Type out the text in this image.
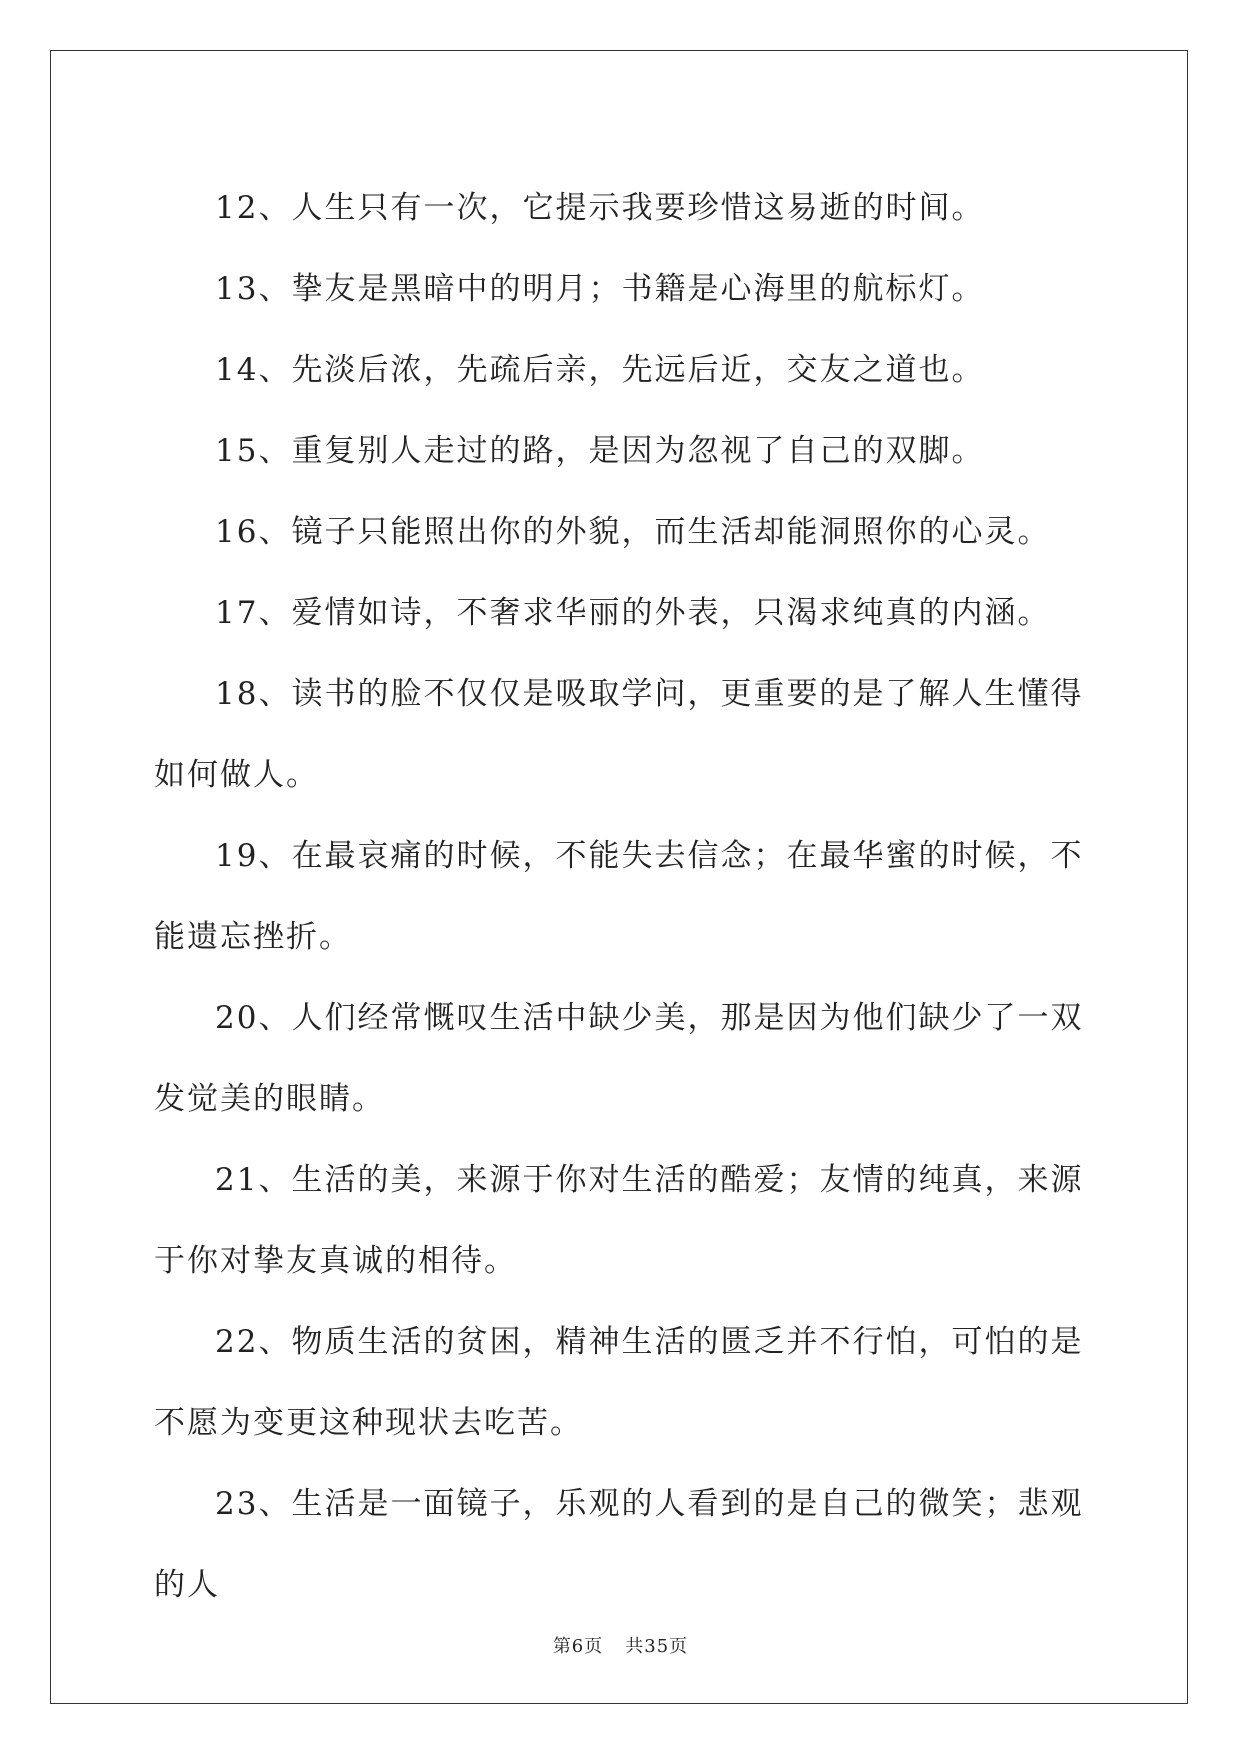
12、人生只有一次，它提示我要珍惜这易逝的时间。

13、挚友是黑暗中的明月；书籍是心海里的航标灯。

14、先淡后浓，先疏后亲，先远后近，交友之道也。

15、重复别人走过的路，是因为忽视了自己的双脚。

16、镜子只能照出你的外貌，而生活却能洞照你的心灵。

17、爱情如诗，不奢求华丽的外表，只渴求纯真的内涵。

18、读书的脸不仅仅是吸取学问，更重要的是了解人生懂得如何做人。

19、在最哀痛的时候，不能失去信念；在最华蜜的时候，不能遗忘挫折。

20、人们经常慨叹生活中缺少美，那是因为他们缺少了一双发觉美的眼睛。

21、生活的美，来源于你对生活的酷爱；友情的纯真，来源于你对挚友真诚的相待。

22、物质生活的贫困，精神生活的匮乏并不行怕，可怕的是不愿为变更这种现状去吃苦。

23、生活是一面镜子，乐观的人看到的是自己的微笑；悲观的人

第6页 共35页
